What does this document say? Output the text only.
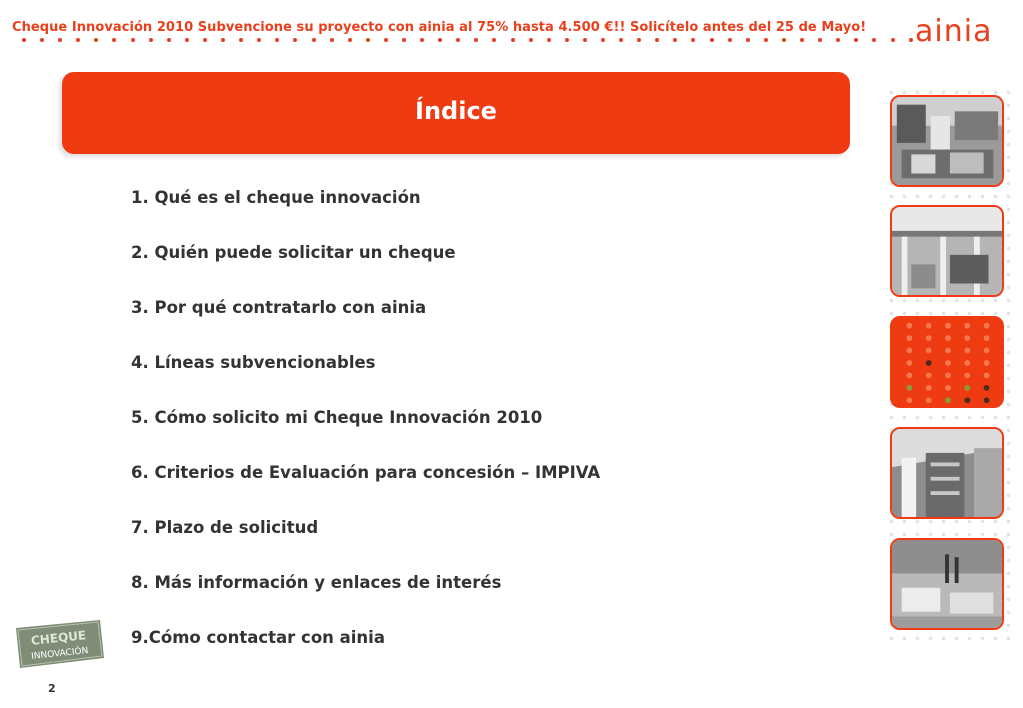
Cheque Innovación 2010 Subvencione su proyecto con ainia al 75% hasta 4.500 €!! Solicítelo antes del 25 de Mayo! ainia
Índice
1. Qué es el cheque innovación
2. Quién puede solicitar un cheque
3. Por qué contratarlo con ainia
4. Líneas subvencionables
5. Cómo solicito mi Cheque Innovación 2010
6. Criterios de Evaluación para concesión – IMPIVA
7. Plazo de solicitud
8. Más información y enlaces de interés
9.Cómo contactar con ainia
CHEQUE
INNOVACIÓN
2
